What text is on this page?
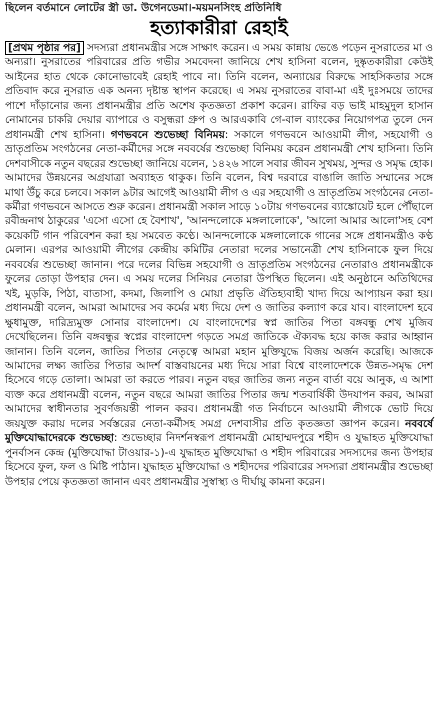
ছিলেন বর্তমানে লোটের স্ত্রী ডা. উগেনডেমা।-ময়মনসিংহ প্রতিনিধি
হত্যাকারীরা রেহাই

[প্রথম পৃষ্ঠার পর] সদস্যরা প্রধানমন্ত্রীর সঙ্গে সাক্ষাৎ করেন। এ সময় কান্নায় ভেঙে পড়েন নুসরাতের মা ও অন্যরা। নুসরাতের পরিবারের প্রতি গভীর সমবেদনা জানিয়ে শেখ হাসিনা বলেন, দুষ্কৃতকারীরা কেউই আইনের হাত থেকে কোনোভাবেই রেহাই পাবে না। তিনি বলেন, অন্যায়ের বিরুদ্ধে সাহসিকতার সঙ্গে প্রতিবাদ করে নুসরাত এক অনন্য দৃষ্টান্ত স্থাপন করেছে। এ সময় নুসরাতের বাবা-মা এই দুঃসময়ে তাদের পাশে দাঁড়ানোর জন্য প্রধানমন্ত্রীর প্রতি অশেষ কৃতজ্ঞতা প্রকাশ করেন। রাফির বড় ভাই মাহমুদুল হাসান নোমানের চাকরি দেয়ার ব্যাপারে ও বসুন্ধরা গ্রুপ ও আরএকাবি গে-বাল ব্যাংকের নিয়োগপত্র তুলে দেন প্রধানমন্ত্রী শেখ হাসিনা। গণভবনে শুভেচ্ছা বিনিময়: সকালে গণভবনে আওয়ামী লীগ, সহযোগী ও ভ্রাতৃপ্রতিম সংগঠনের নেতা-কর্মীদের সঙ্গে নববর্ষের শুভেচ্ছা বিনিময় করেন প্রধানমন্ত্রী শেখ হাসিনা। তিনি দেশবাসীকে নতুন বছরের শুভেচ্ছা জানিয়ে বলেন, ১৪২৬ সালে সবার জীবন সুখময়, সুন্দর ও সমৃদ্ধ হোক। আমাদের উন্নয়নের অগ্রযাত্রা অব্যাহত থাকুক। তিনি বলেন, বিশ্ব দরবারে বাঙালি জাতি সম্মানের সঙ্গে মাথা উঁচু করে চলবে। সকাল ৯টার আগেই আওয়ামী লীগ ও এর সহযোগী ও ভ্রাতৃপ্রতিম সংগঠনের নেতা-কর্মীরা গণভবনে আসতে শুরু করেন। প্রধানমন্ত্রী সকাল সাড়ে ১০টায় গণভবনের ব্যাঙ্কোয়েট হলে পৌঁছালে রবীন্দ্রনাথ ঠাকুরের 'এসো এসো হে বৈশাখ', 'আনন্দলোকে মঙ্গলালোকে', 'আলো আমার আলো'সহ বেশ কয়েকটি গান পরিবেশন করা হয় সমবেত কণ্ঠে। আনন্দলোকে মঙ্গলালোকে গানের সঙ্গে প্রধানমন্ত্রীও কণ্ঠ মেলান। এরপর আওয়ামী লীগের কেন্দ্রীয় কমিটির নেতারা দলের সভানেত্রী শেখ হাসিনাকে ফুল দিয়ে নববর্ষের শুভেচ্ছা জানান। পরে দলের বিভিন্ন সহযোগী ও ভ্রাতৃপ্রতিম সংগঠনের নেতারাও প্রধানমন্ত্রীকে ফুলের তোড়া উপহার দেন। এ সময় দলের সিনিয়র নেতারা উপস্থিত ছিলেন। এই অনুষ্ঠানে অতিথিদের খই, মুড়কি, পিঠা, বাতাসা, কদমা, জিলাপি ও মোয়া প্রভৃতি ঐতিহ্যবাহী খাদ্য দিয়ে আপ্যায়ন করা হয়। প্রধানমন্ত্রী বলেন, আমরা আমাদের সব কর্মের মধ্য দিয়ে দেশ ও জাতির কল্যাণ করে যাব। বাংলাদেশ হবে ক্ষুধামুক্ত, দারিদ্র্যমুক্ত সোনার বাংলাদেশ। যে বাংলাদেশের স্বপ্ন জাতির পিতা বঙ্গবন্ধু শেখ মুজিব দেখেছিলেন। তিনি বঙ্গবন্ধুর স্বপ্নের বাংলাদেশ গড়তে সমগ্র জাতিকে ঐক্যবদ্ধ হয়ে কাজ করার আহ্বান জানান। তিনি বলেন, জাতির পিতার নেতৃত্বে আমরা মহান মুক্তিযুদ্ধে বিজয় অর্জন করেছি। আজকে আমাদের লক্ষ্য জাতির পিতার আদর্শ বাস্তবায়নের মধ্য দিয়ে সারা বিশ্বে বাংলাদেশকে উন্নত-সমৃদ্ধ দেশ হিসেবে গড়ে তোলা। আমরা তা করতে পারব। নতুন বছর জাতির জন্য নতুন বার্তা বয়ে আনুক, এ আশা ব্যক্ত করে প্রধানমন্ত্রী বলেন, নতুন বছরে আমরা জাতির পিতার জন্ম শতবার্ষিকী উদযাপন করব, আমরা আমাদের স্বাধীনতার সুবর্ণজয়ন্তী পালন করব। প্রধানমন্ত্রী গত নির্বাচনে আওয়ামী লীগকে ভোট দিয়ে জয়যুক্ত করায় দলের সর্বস্তরের নেতা-কর্মীসহ সমগ্র দেশবাসীর প্রতি কৃতজ্ঞতা জ্ঞাপন করেন। নববর্ষে মুক্তিযোদ্ধাদেরকে শুভেচ্ছা: শুভেচ্ছার নিদর্শনস্বরূপ প্রধানমন্ত্রী মোহাম্মদপুরে শহীদ ও যুদ্ধাহত মুক্তিযোদ্ধা পুনর্বাসন কেন্দ্র (মুক্তিযোদ্ধা টাওয়ার-১)-এ যুদ্ধাহত মুক্তিযোদ্ধা ও শহীদ পরিবারের সদস্যদের জন্য উপহার হিসেবে ফুল, ফল ও মিষ্টি পাঠান। যুদ্ধাহত মুক্তিযোদ্ধা ও শহীদদের পরিবারের সদস্যরা প্রধানমন্ত্রীর শুভেচ্ছা উপহার পেয়ে কৃতজ্ঞতা জানান এবং প্রধানমন্ত্রীর সুস্বাস্থ্য ও দীর্ঘায়ু কামনা করেন।
